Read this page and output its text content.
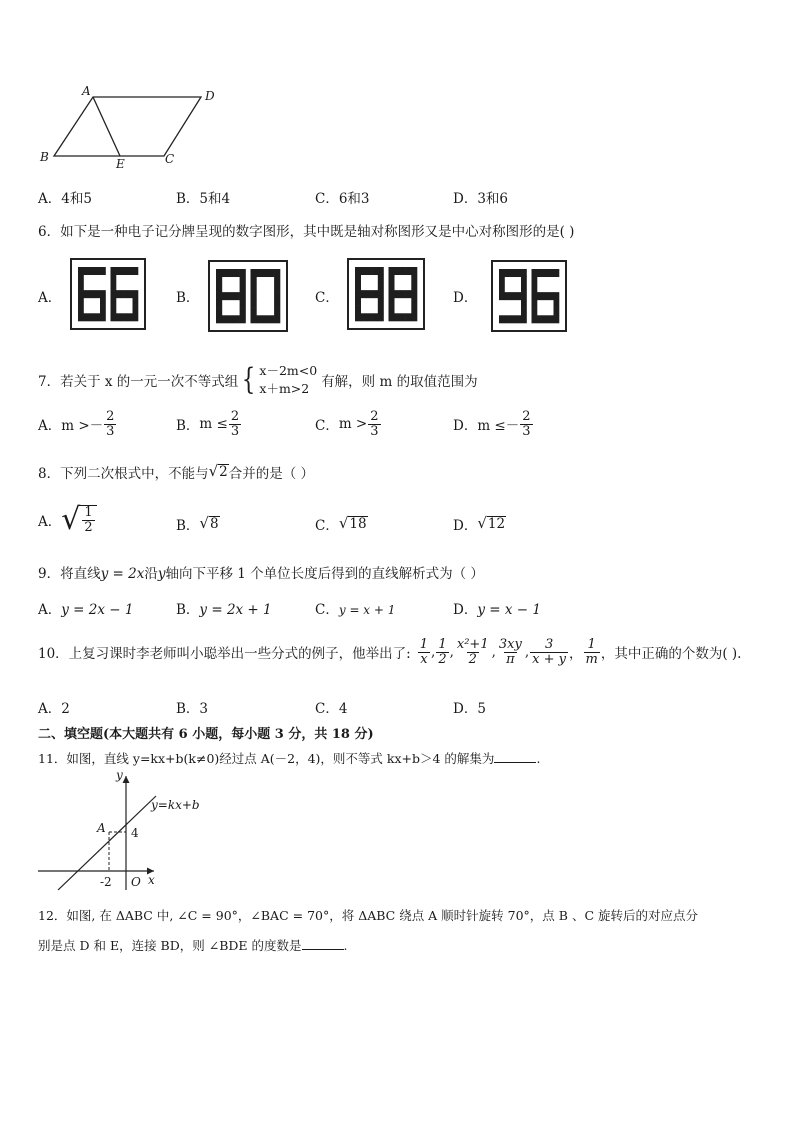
A	D
B	E	C
A．4和5	B．5和4	C．6和3	D．3和6
6．如下是一种电子记分牌呈现的数字图形，其中既是轴对称图形又是中心对称图形的是( )
A．	B．	C．	D．
7．若关于 x 的一元一次不等式组 { x－2m<0
x＋m>2 有解，则 m 的取值范围为
A． $m >- \frac{2}{3}$	B． $m \le \frac{2}{3}$	C． $m > \frac{2}{3}$	D． $m \le- \frac{2}{3}$
8．下列二次根式中，不能与 √ 2 合并的是（ ）
A． √ $\frac{1}{2}$	B． √ 8	C． √ 18	D． √ 12
9．将直线y = 2x沿y轴向下平移 1 个单位长度后得到的直线解析式为（ ）
A．y = 2x − 1	B．y = 2x + 1	C．y = x + 1	D．y = x − 1
10．上复习课时李老师叫小聪举出一些分式的例子，他举出了: $\frac{1}{x}$ , $\frac{1}{2}$ , $\frac{\text{x²+1}}{2}$ , $\frac{3xy}{\pi}$ , $\frac{3}{x + y}$ ， $\frac{1}{m}$ ，其中正确的个数为( ).
A．2	B．3	C．4	D．5
二、填空题(本大题共有 6 小题，每小题 3 分，共 18 分)
11．如图，直线 y=kx+b(k≠0)经过点 A(－2，4)，则不等式 kx+b＞4 的解集为	.
y
y=kx+b
A 4
-2 O x
12．如图, 在 ΔABC 中, ∠C = 90°，∠BAC = 70°，将 ΔABC 绕点 A 顺时针旋转 70°，点 B 、C 旋转后的对应点分
别是点 D 和 E，连接 BD，则 ∠BDE 的度数是	.
